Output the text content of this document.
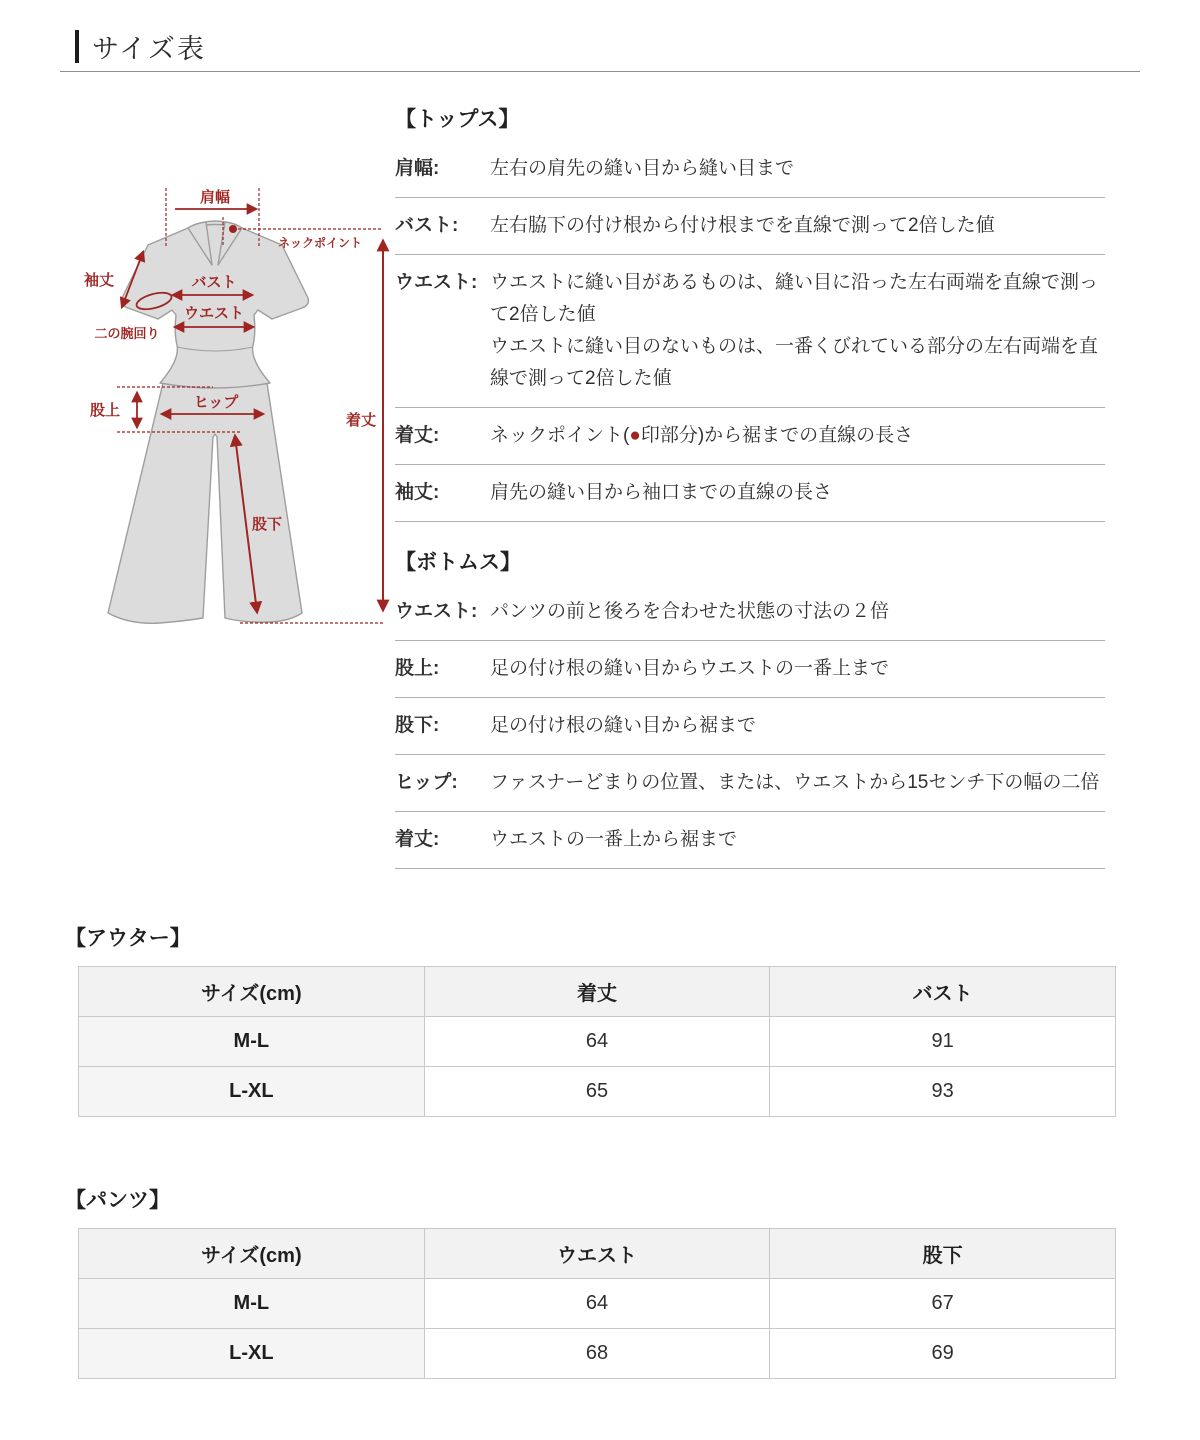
サイズ表
肩幅
ネックポイント
着丈
袖丈
二の腕回り
バスト
ウエスト
股上	ヒップ
股下
【トップス】
肩幅:	左右の肩先の縫い目から縫い目まで
バスト:	左右脇下の付け根から付け根までを直線で測って2倍した値
ウエスト: ウエストに縫い目があるものは、縫い目に沿った左右両端を直線で測って2倍した値
ウエストに縫い目のないものは、一番くびれている部分の左右両端を直線で測って2倍した値
着丈:	ネックポイント(●印部分)から裾までの直線の長さ
袖丈:	肩先の縫い目から袖口までの直線の長さ
【ボトムス】
ウエスト: パンツの前と後ろを合わせた状態の寸法の２倍
股上:	足の付け根の縫い目からウエストの一番上まで
股下:	足の付け根の縫い目から裾まで
ヒップ:	ファスナーどまりの位置、または、ウエストから15センチ下の幅の二倍
着丈:	ウエストの一番上から裾まで
【アウター】
サイズ(cm)	着丈	バスト
M-L	64	91
L-XL	65	93
【パンツ】
サイズ(cm)	ウエスト	股下
M-L	64	67
L-XL	68	69
